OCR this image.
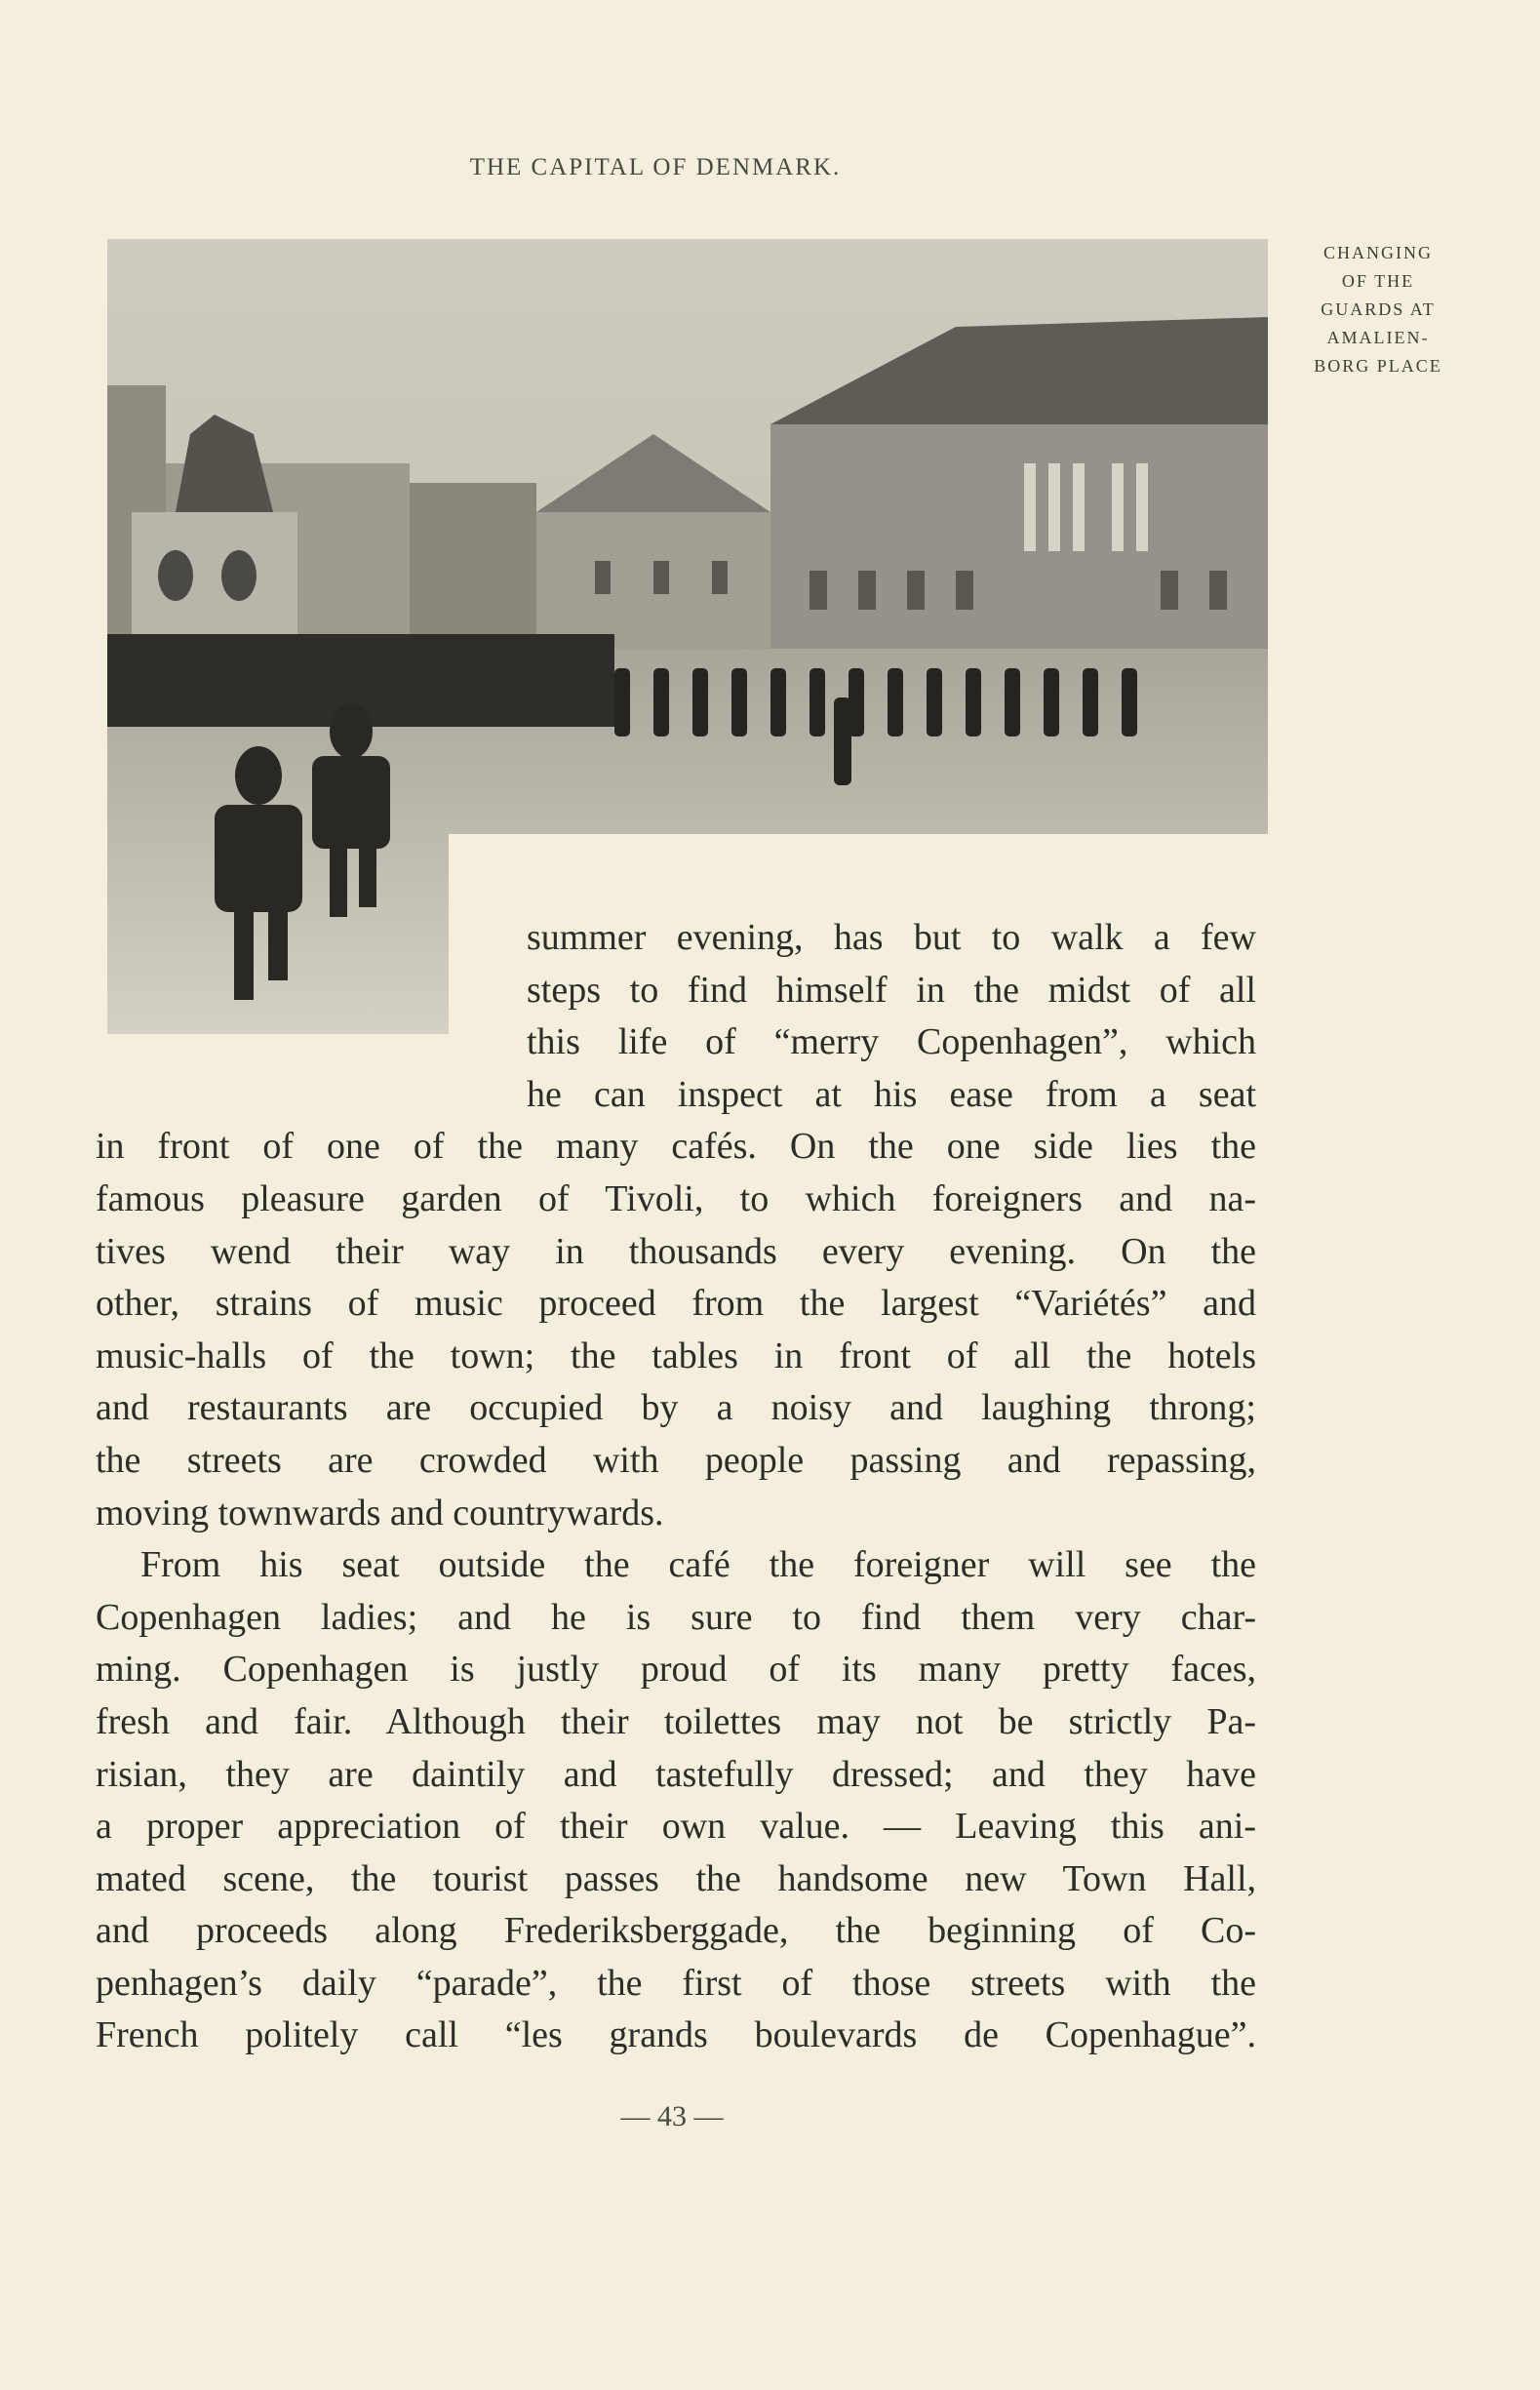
THE CAPITAL OF DENMARK.
CHANGING
OF THE
GUARDS AT
AMALIEN-
BORG PLACE
summer evening, has but to walk a few
steps to find himself in the midst of all
this life of “merry Copenhagen”, which
he can inspect at his ease from a seat
in front of one of the many cafés. On the one side lies the
famous pleasure garden of Tivoli, to which foreigners and na-
tives wend their way in thousands every evening. On the
other, strains of music proceed from the largest “Variétés” and
music-halls of the town; the tables in front of all the hotels
and restaurants are occupied by a noisy and laughing throng;
the streets are crowded with people passing and repassing,
moving townwards and countrywards.
From his seat outside the café the foreigner will see the
Copenhagen ladies; and he is sure to find them very char-
ming. Copenhagen is justly proud of its many pretty faces,
fresh and fair. Although their toilettes may not be strictly Pa-
risian, they are daintily and tastefully dressed; and they have
a proper appreciation of their own value. — Leaving this ani-
mated scene, the tourist passes the handsome new Town Hall,
and proceeds along Frederiksberggade, the beginning of Co-
penhagen’s daily “parade”, the first of those streets with the
French politely call “les grands boulevards de Copenhague”.
— 43 —
